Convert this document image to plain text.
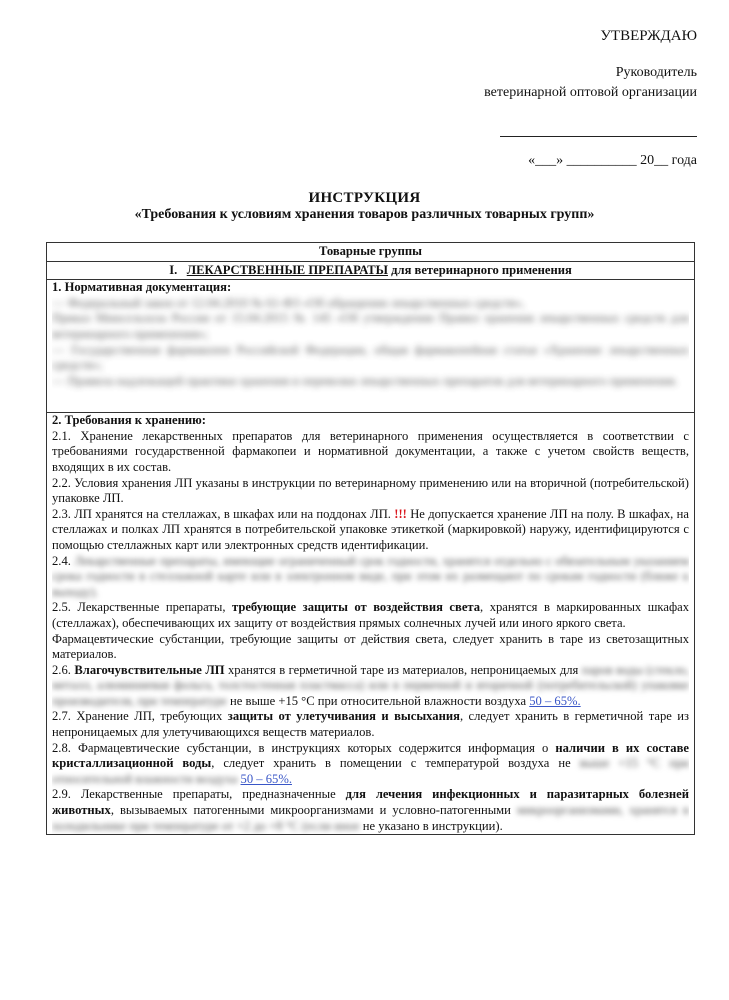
УТВЕРЖДАЮ
Руководитель
ветеринарной оптовой организации
«___» __________ 20__ года
ИНСТРУКЦИЯ
«Требования к условиям хранения товаров различных товарных групп»
Товарные группы
I. ЛЕКАРСТВЕННЫЕ ПРЕПАРАТЫ для ветеринарного применения

1. Нормативная документация:

— Федеральный закон от 12.04.2010 № 61-ФЗ «Об обращении лекарственных средств»,

Приказ Минсельхоза России от 15.04.2015 № 145 «Об утверждении Правил хранения лекарственных средств для ветеринарного применения»;

— Государственная фармакопея Российской Федерации, общая фармакопейная статья «Хранение лекарственных средств»;

— Правила надлежащей практики хранения и перевозки лекарственных препаратов для ветеринарного применения.

2. Требования к хранению:

2.1. Хранение лекарственных препаратов для ветеринарного применения осуществляется в соответствии с требованиями государственной фармакопеи и нормативной документации, а также с учетом свойств веществ, входящих в их состав.

2.2. Условия хранения ЛП указаны в инструкции по ветеринарному применению или на вторичной (потребительской) упаковке ЛП.

2.3. ЛП хранятся на стеллажах, в шкафах или на поддонах ЛП. !!! Не допускается хранение ЛП на полу. В шкафах, на стеллажах и полках ЛП хранятся в потребительской упаковке этикеткой (маркировкой) наружу, идентифицируются с помощью стеллажных карт или электронных средств идентификации.

2.4. Лекарственные препараты, имеющие ограниченный срок годности, хранятся отдельно с обязательным указанием срока годности в стеллажной карте или в электронном виде, при этом их размещают по срокам годности (ближе к выходу).

2.5. Лекарственные препараты, требующие защиты от воздействия света, хранятся в маркированных шкафах (стеллажах), обеспечивающих их защиту от воздействия прямых солнечных лучей или иного яркого света.

Фармацевтические субстанции, требующие защиты от действия света, следует хранить в таре из светозащитных материалов.

2.6. Влагочувствительные ЛП хранятся в герметичной таре из материалов, непроницаемых для паров воды (стекло, металл, алюминиевая фольга, толстостенная пластмасса) или в первичной и вторичной (потребительской) упаковке производителя, при температуре не выше +15 °С при относительной влажности воздуха 50 – 65%.

2.7. Хранение ЛП, требующих защиты от улетучивания и высыхания, следует хранить в герметичной таре из непроницаемых для улетучивающихся веществ материалов.

2.8. Фармацевтические субстанции, в инструкциях которых содержится информация о наличии в их составе кристаллизационной воды, следует хранить в помещении с температурой воздуха не выше +15 °С при относительной влажности воздуха 50 – 65%.

2.9. Лекарственные препараты, предназначенные для лечения инфекционных и паразитарных болезней животных, вызываемых патогенными микроорганизмами и условно-патогенными микроорганизмами, хранятся в холодильнике при температуре от +2 до +8 °С (если иное не указано в инструкции).
